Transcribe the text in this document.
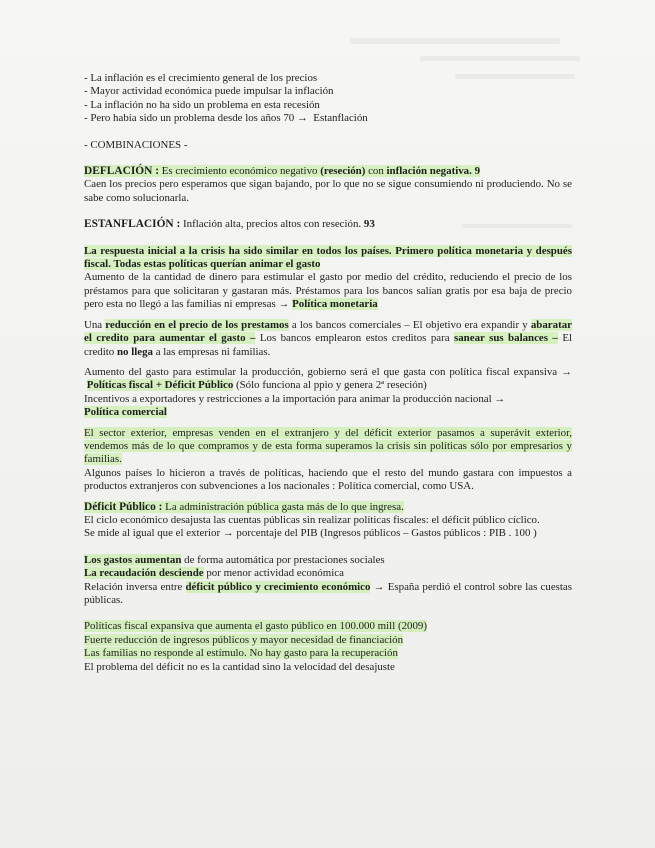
- La inflación es el crecimiento general de los precios

- Mayor actividad económica puede impulsar la inflación

- La inflación no ha sido un problema en esta recesión

- Pero había sido un problema desde los años 70 → Estanflación

- COMBINACIONES -

DEFLACIÓN : Es crecimiento económico negativo (reseción) con inflación negativa. 9

Caen los precios pero esperamos que sigan bajando, por lo que no se sigue consumiendo ni produciendo. No se sabe como solucionarla.

ESTANFLACIÓN : Inflación alta, precios altos con reseción. 93

La respuesta inicial a la crisis ha sido similar en todos los países. Primero política monetaria y después fiscal. Todas estas políticas querían animar el gasto
Aumento de la cantidad de dinero para estimular el gasto por medio del crédito, reduciendo el precio de los préstamos para que solicitaran y gastaran más. Préstamos para los bancos salían gratis por esa baja de precio pero esta no llegó a las familias ni empresas → Política monetaria

Una reducción en el precio de los prestamos a los bancos comerciales – El objetivo era expandir y abaratar el credito para aumentar el gasto – Los bancos emplearon estos creditos para sanear sus balances – El credito no llega a las empresas ni familias.

Aumento del gasto para estimular la producción, gobierno será el que gasta con política fiscal expansiva →  Políticas fiscal + Déficit Público (Sólo funciona al ppio y genera 2ª reseción)
Incentivos a exportadores y restricciones a la importación para animar la producción nacional →
Política comercial

El sector exterior, empresas venden en el extranjero y del déficit exterior pasamos a superávit exterior, vendemos más de lo que compramos y de esta forma superamos la crisis sin políticas sólo por empresarios y familias.

Algunos países lo hicieron a través de políticas, haciendo que el resto del mundo gastara con impuestos a productos extranjeros con subvenciones a los nacionales : Política comercial, como USA.

Déficit Público : La administración pública gasta más de lo que ingresa.

El ciclo económico desajusta las cuentas públicas sin realizar políticas fiscales: el déficit público cíclico.

Se mide al igual que el exterior → porcentaje del PIB (Ingresos públicos – Gastos públicos : PIB . 100 )

Los gastos aumentan de forma automática por prestaciones sociales

La recaudación desciende por menor actividad económica

Relación inversa entre déficit público y crecimiento económico → España perdió el control sobre las cuestas públicas.

Políticas fiscal expansiva que aumenta el gasto público en 100.000 mill (2009)

Fuerte reducción de ingresos públicos y mayor necesidad de financiación

Las familias no responde al estímulo. No hay gasto para la recuperación

El problema del déficit no es la cantidad sino la velocidad del desajuste
